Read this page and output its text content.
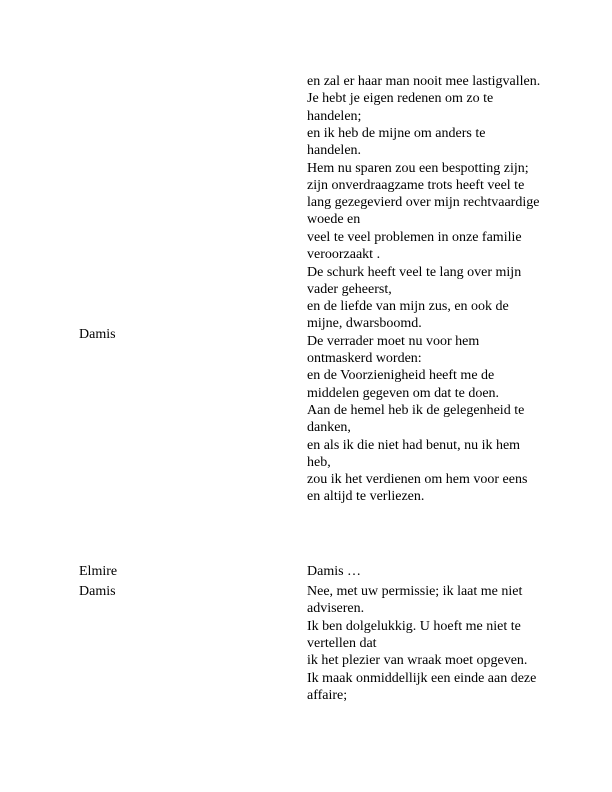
en zal er haar man nooit mee lastigvallen.
Je hebt je eigen redenen om zo te handelen;
en ik heb de mijne om anders te handelen.
Hem nu sparen zou een bespotting zijn;
zijn onverdraagzame trots heeft veel te lang gezegevierd over mijn rechtvaardige woede en
veel te veel problemen in onze familie
veroorzaakt .
De schurk heeft veel te lang over mijn vader geheerst,
en de liefde van mijn zus, en ook de mijne, dwarsboomd.
De verrader moet nu voor hem ontmaskerd worden:
en de Voorzienigheid heeft me de middelen gegeven om dat te doen.
Aan de hemel heb ik de gelegenheid te danken,
en als ik die niet had benut, nu ik hem heb,
zou ik het verdienen om hem voor eens en altijd te verliezen.
Damis
Elmire	Damis …
Damis	Nee, met uw permissie; ik laat me niet adviseren.
Ik ben dolgelukkig. U hoeft me niet te vertellen dat
ik het plezier van wraak moet opgeven.
Ik maak onmiddellijk een einde aan deze affaire;
